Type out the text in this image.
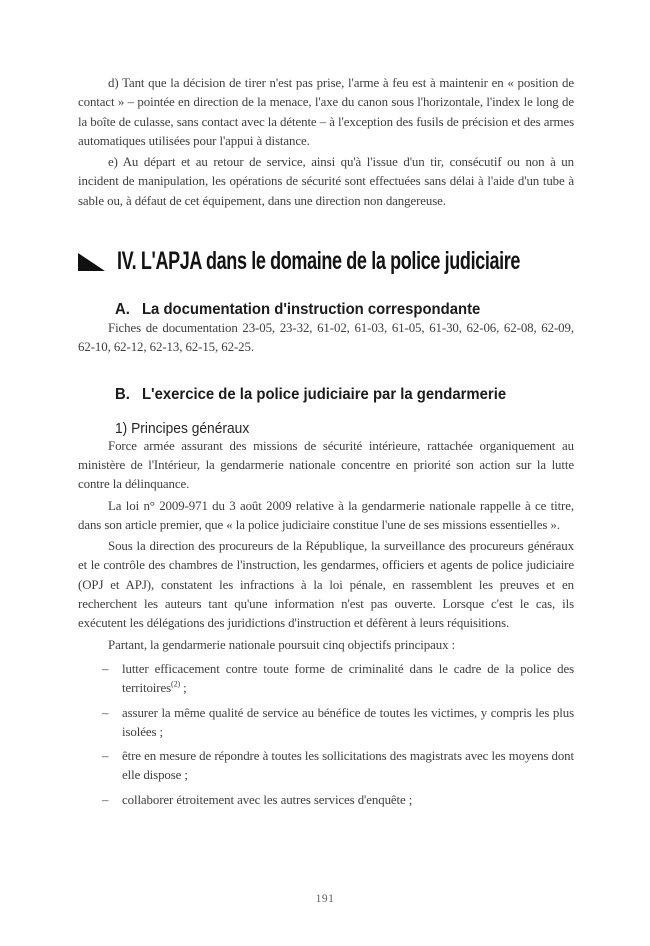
d) Tant que la décision de tirer n'est pas prise, l'arme à feu est à maintenir en « position de contact » – pointée en direction de la menace, l'axe du canon sous l'horizontale, l'index le long de la boîte de culasse, sans contact avec la détente – à l'exception des fusils de précision et des armes automatiques utilisées pour l'appui à distance.

e) Au départ et au retour de service, ainsi qu'à l'issue d'un tir, consécutif ou non à un incident de manipulation, les opérations de sécurité sont effectuées sans délai à l'aide d'un tube à sable ou, à défaut de cet équipement, dans une direction non dangereuse.

IV. L'APJA dans le domaine de la police judiciaire
A. La documentation d'instruction correspondante

Fiches de documentation 23-05, 23-32, 61-02, 61-03, 61-05, 61-30, 62-06, 62-08, 62-09, 62-10, 62-12, 62-13, 62-15, 62-25.

B. L'exercice de la police judiciaire par la gendarmerie
1) Principes généraux

Force armée assurant des missions de sécurité intérieure, rattachée organiquement au ministère de l'Intérieur, la gendarmerie nationale concentre en priorité son action sur la lutte contre la délinquance.

La loi n° 2009-971 du 3 août 2009 relative à la gendarmerie nationale rappelle à ce titre, dans son article premier, que « la police judiciaire constitue l'une de ses missions essentielles ».

Sous la direction des procureurs de la République, la surveillance des procureurs généraux et le contrôle des chambres de l'instruction, les gendarmes, officiers et agents de police judiciaire (OPJ et APJ), constatent les infractions à la loi pénale, en rassemblent les preuves et en recherchent les auteurs tant qu'une information n'est pas ouverte. Lorsque c'est le cas, ils exécutent les délégations des juridictions d'instruction et défèrent à leurs réquisitions.

Partant, la gendarmerie nationale poursuit cinq objectifs principaux :

–	lutter efficacement contre toute forme de criminalité dans le cadre de la police des territoires$^{(2)}$ ;
–	assurer la même qualité de service au bénéfice de toutes les victimes, y compris les plus isolées ;
–	être en mesure de répondre à toutes les sollicitations des magistrats avec les moyens dont elle dispose ;
–	collaborer étroitement avec les autres services d'enquête ;
191
